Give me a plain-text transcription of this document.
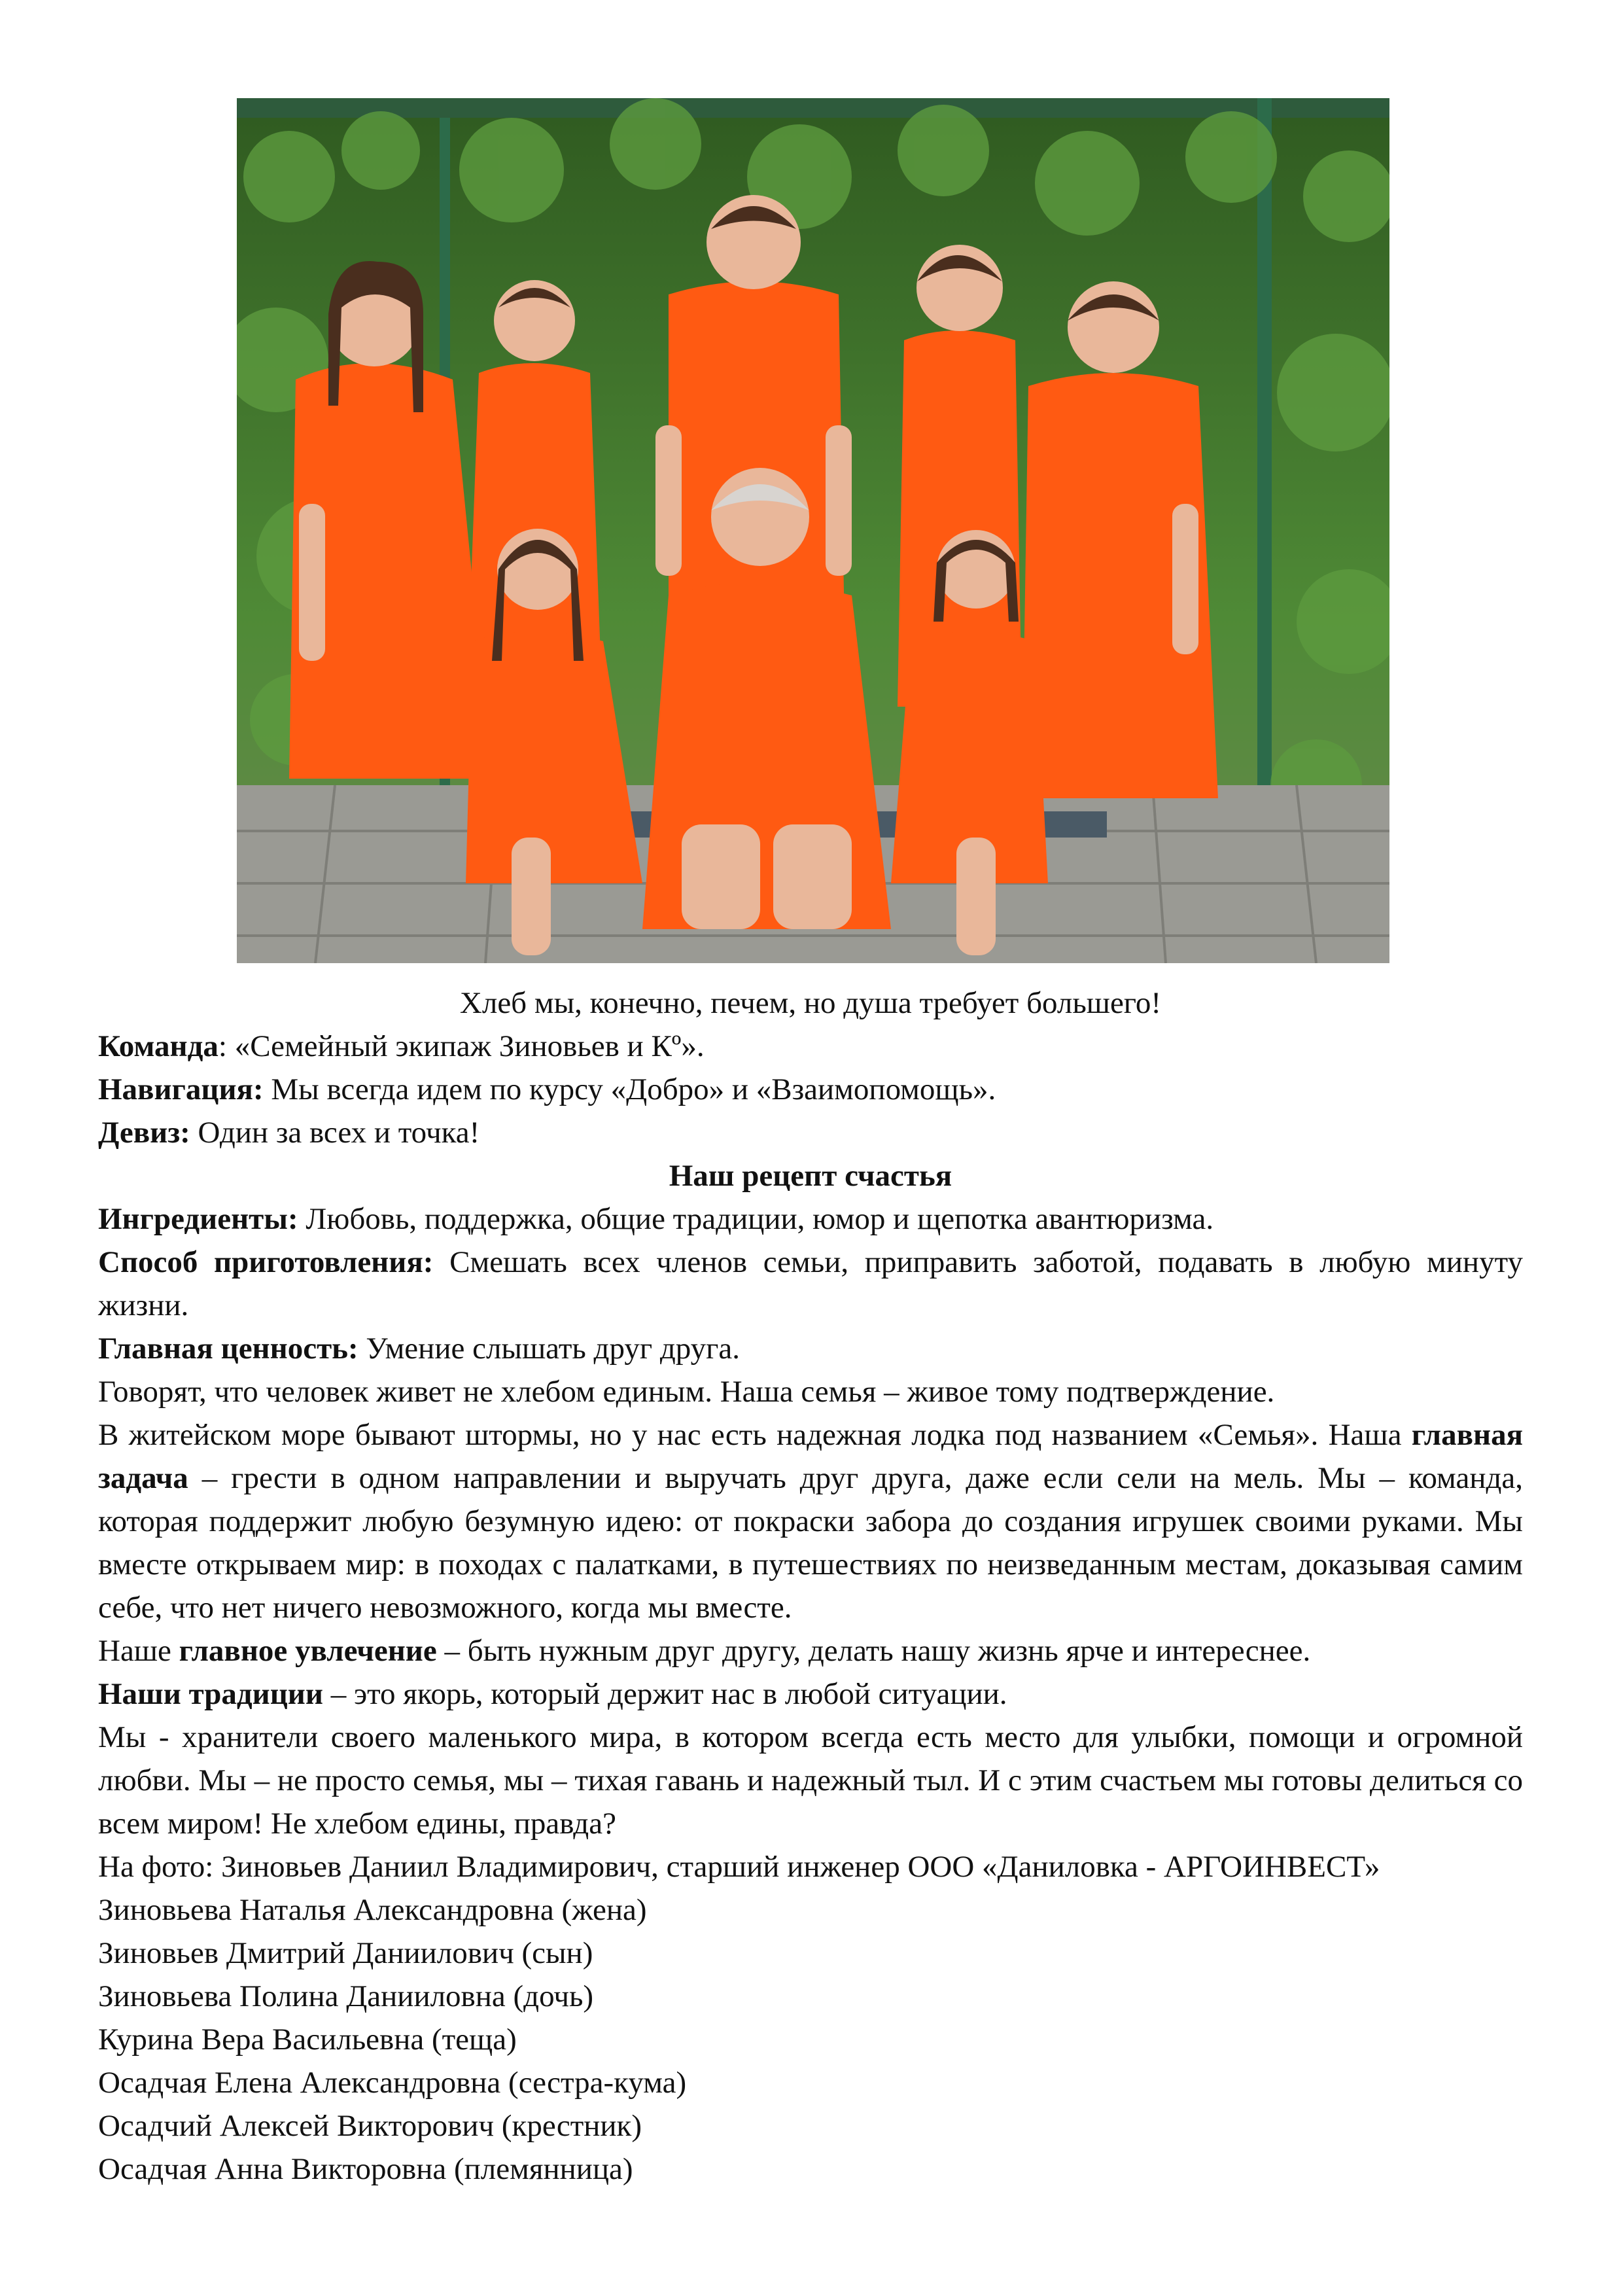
Хлеб мы, конечно, печем, но душа требует большего!

Команда: «Семейный экипаж Зиновьев и Кº».

Навигация: Мы всегда идем по курсу «Добро» и «Взаимопомощь».

Девиз: Один за всех и точка!

Наш рецепт счастья

Ингредиенты: Любовь, поддержка, общие традиции, юмор и щепотка авантюризма.

Способ приготовления: Смешать всех членов семьи, приправить заботой, подавать в любую минуту жизни.

Главная ценность: Умение слышать друг друга.

Говорят, что человек живет не хлебом единым. Наша семья – живое тому подтверждение.

В житейском море бывают штормы, но у нас есть надежная лодка под названием «Семья». Наша главная задача – грести в одном направлении и выручать друг друга, даже если сели на мель. Мы – команда, которая поддержит любую безумную идею: от покраски забора до создания игрушек своими руками. Мы вместе открываем мир: в походах с палатками, в путешествиях по неизведанным местам, доказывая самим себе, что нет ничего невозможного, когда мы вместе.

Наше главное увлечение – быть нужным друг другу, делать нашу жизнь ярче и интереснее.

Наши традиции – это якорь, который держит нас в любой ситуации.

Мы - хранители своего маленького мира, в котором всегда есть место для улыбки, помощи и огромной любви. Мы – не просто семья, мы – тихая гавань и надежный тыл. И с этим счастьем мы готовы делиться со всем миром! Не хлебом едины, правда?

На фото: Зиновьев Даниил Владимирович, старший инженер ООО «Даниловка - АРГОИНВЕСТ»

Зиновьева Наталья Александровна (жена)

Зиновьев Дмитрий Даниилович (сын)

Зиновьева Полина Данииловна (дочь)

Курина Вера Васильевна (теща)

Осадчая Елена Александровна (сестра-кума)

Осадчий Алексей Викторович (крестник)

Осадчая Анна Викторовна (племянница)
